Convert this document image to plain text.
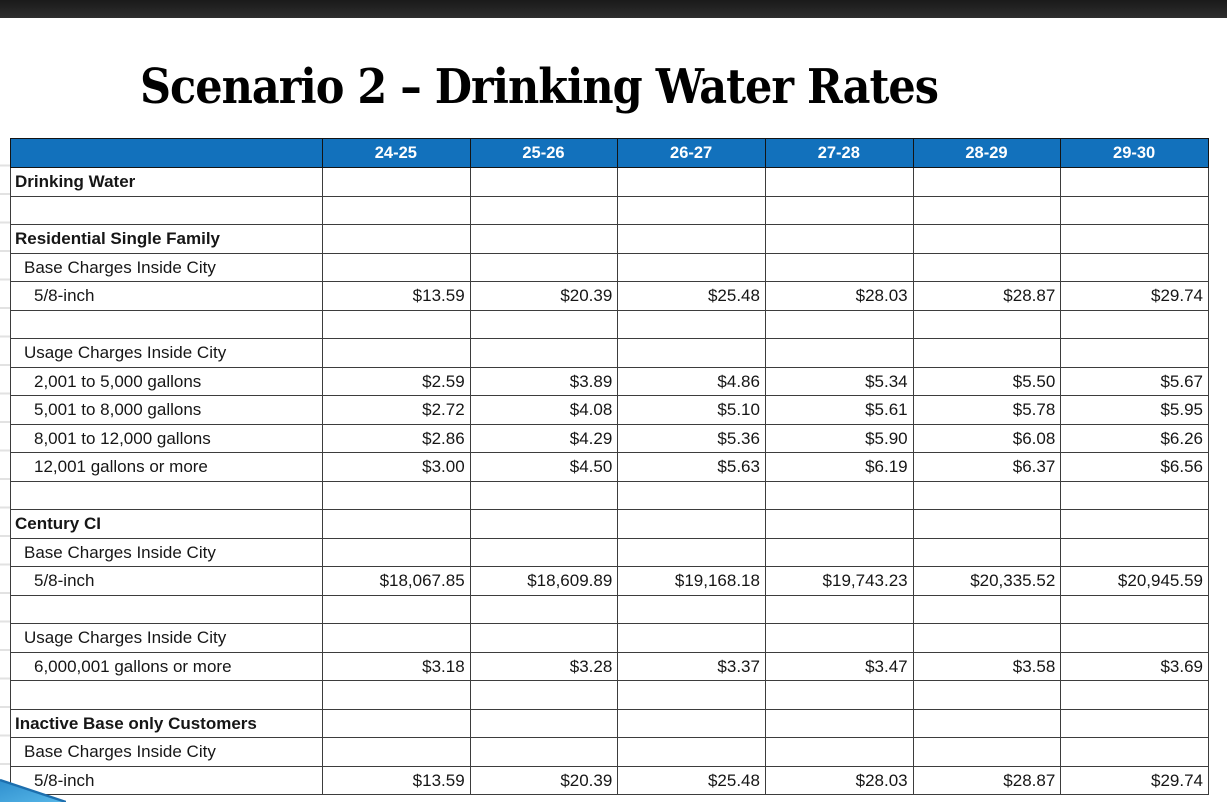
Scenario 2 – Drinking Water Rates
	24-25	25-26	26-27	27-28	28-29	29-30
Drinking Water						

Residential Single Family						
Base Charges Inside City						
5/8-inch	$13.59	$20.39	$25.48	$28.03	$28.87	$29.74

Usage Charges Inside City						
2,001 to 5,000 gallons	$2.59	$3.89	$4.86	$5.34	$5.50	$5.67
5,001 to 8,000 gallons	$2.72	$4.08	$5.10	$5.61	$5.78	$5.95
8,001 to 12,000 gallons	$2.86	$4.29	$5.36	$5.90	$6.08	$6.26
12,001 gallons or more	$3.00	$4.50	$5.63	$6.19	$6.37	$6.56

Century CI						
Base Charges Inside City						
5/8-inch	$18,067.85	$18,609.89	$19,168.18	$19,743.23	$20,335.52	$20,945.59

Usage Charges Inside City						
6,000,001 gallons or more	$3.18	$3.28	$3.37	$3.47	$3.58	$3.69

Inactive Base only Customers						
Base Charges Inside City						
5/8-inch	$13.59	$20.39	$25.48	$28.03	$28.87	$29.74
